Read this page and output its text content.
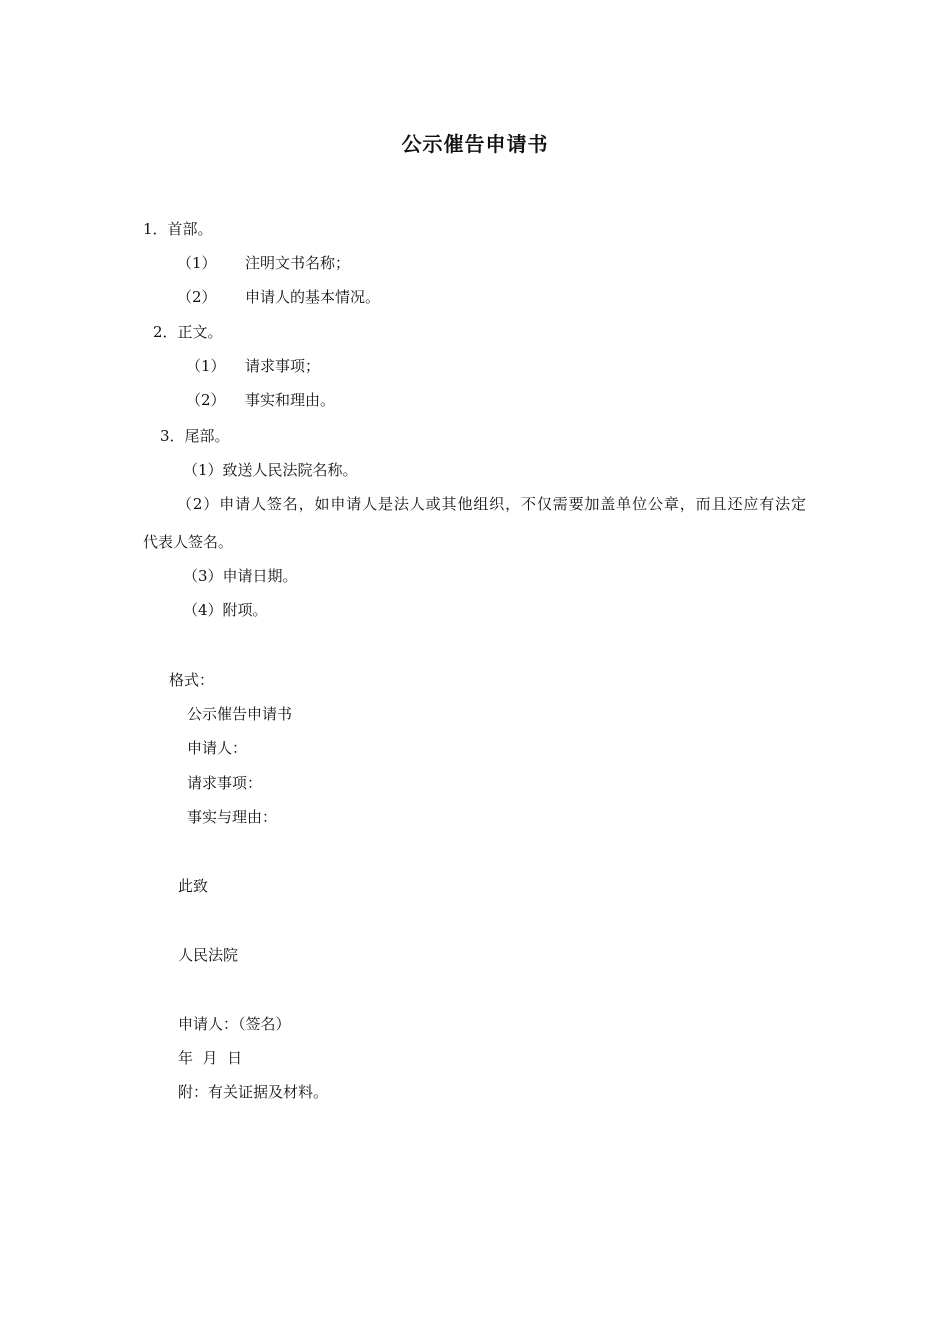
公示催告申请书
1．首部。
（1） 注明文书名称；
（2） 申请人的基本情况。
2．正文。
（1） 请求事项；
（2） 事实和理由。
3．尾部。
（1）致送人民法院名称。
（2）申请人签名，如申请人是法人或其他组织，不仅需要加盖单位公章，而且还应有法定
代表人签名。
（3）申请日期。
（4）附项。
格式：
公示催告申请书
申请人：
请求事项：
事实与理由：
此致
人民法院
申请人：（签名）
年  月  日
附：有关证据及材料。
